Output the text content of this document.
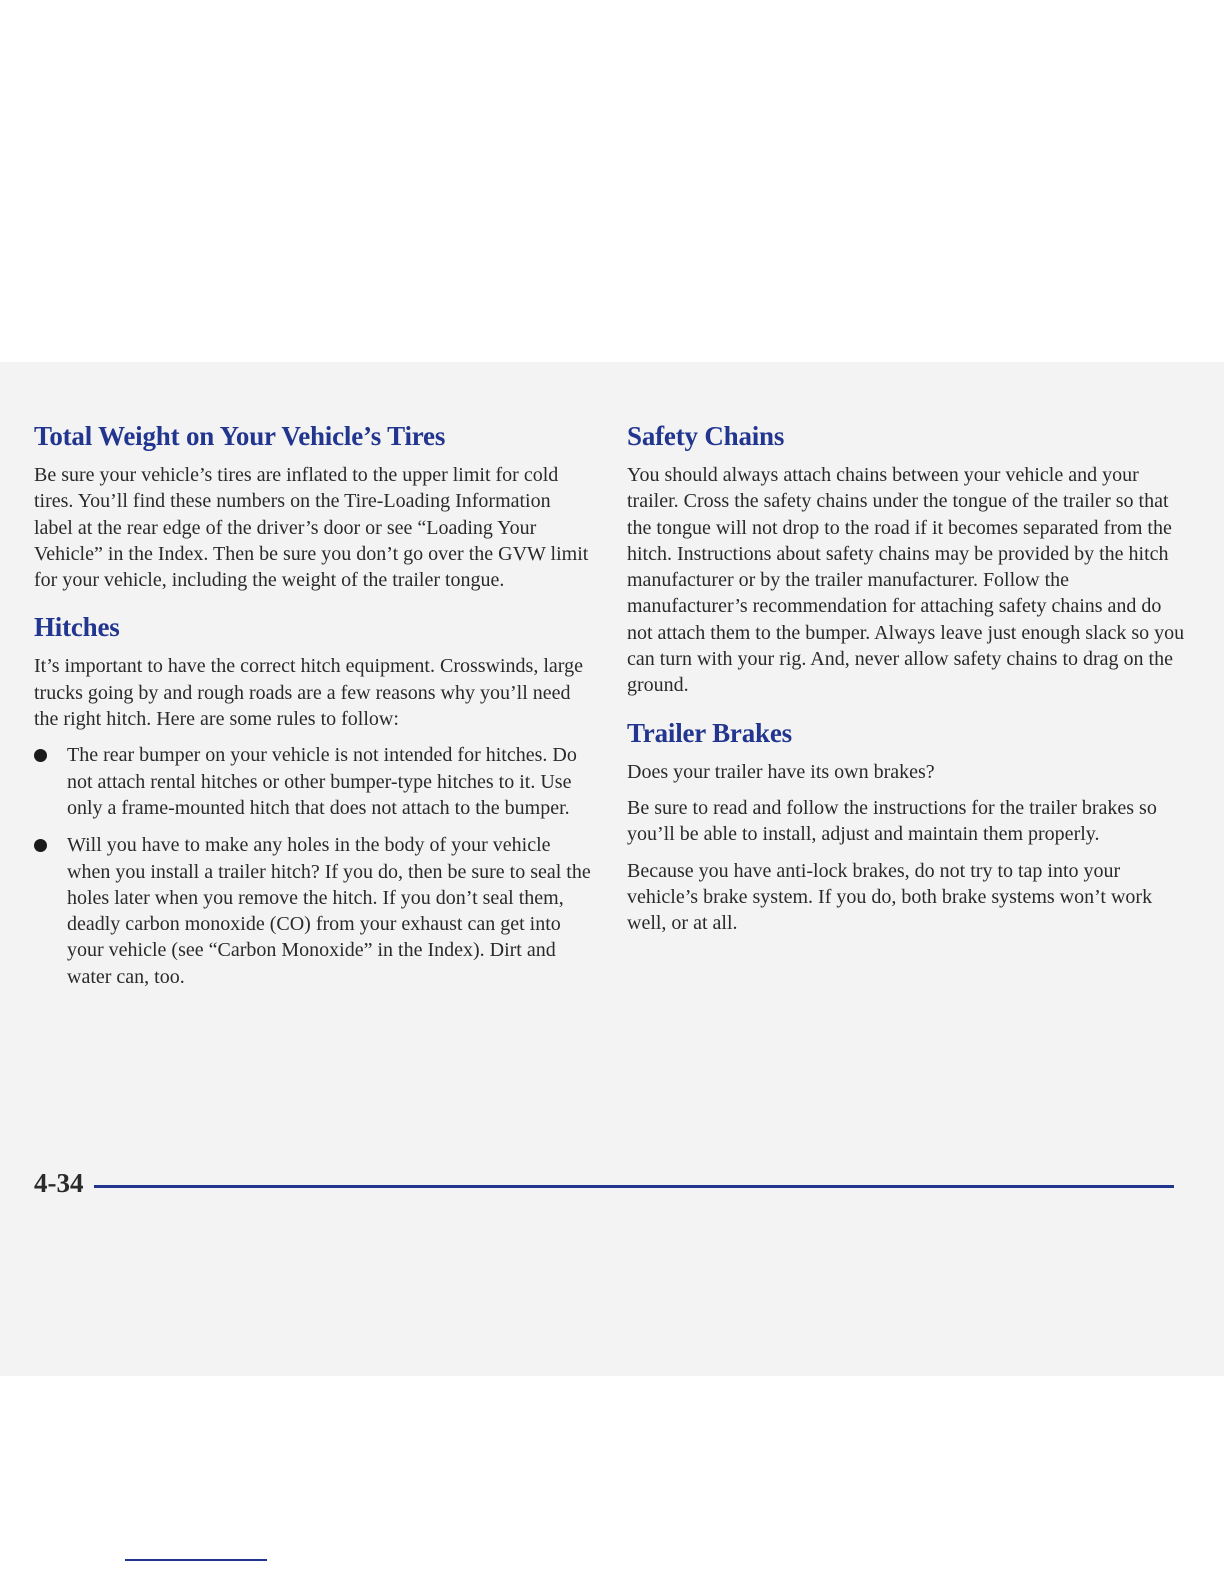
Total Weight on Your Vehicle’s Tires

Be sure your vehicle’s tires are inflated to the upper limit for cold tires. You’ll find these numbers on the Tire-Loading Information label at the rear edge of the driver’s door or see “Loading Your Vehicle” in the Index. Then be sure you don’t go over the GVW limit for your vehicle, including the weight of the trailer tongue.

Hitches

It’s important to have the correct hitch equipment. Crosswinds, large trucks going by and rough roads are a few reasons why you’ll need the right hitch. Here are some rules to follow:

The rear bumper on your vehicle is not intended for hitches. Do not attach rental hitches or other bumper-type hitches to it. Use only a frame-mounted hitch that does not attach to the bumper.
Will you have to make any holes in the body of your vehicle when you install a trailer hitch? If you do, then be sure to seal the holes later when you remove the hitch. If you don’t seal them, deadly carbon monoxide (CO) from your exhaust can get into your vehicle (see “Carbon Monoxide” in the Index). Dirt and water can, too.
Safety Chains

You should always attach chains between your vehicle and your trailer. Cross the safety chains under the tongue of the trailer so that the tongue will not drop to the road if it becomes separated from the hitch. Instructions about safety chains may be provided by the hitch manufacturer or by the trailer manufacturer. Follow the manufacturer’s recommendation for attaching safety chains and do not attach them to the bumper. Always leave just enough slack so you can turn with your rig. And, never allow safety chains to drag on the ground.

Trailer Brakes

Does your trailer have its own brakes?

Be sure to read and follow the instructions for the trailer brakes so you’ll be able to install, adjust and maintain them properly.

Because you have anti-lock brakes, do not try to tap into your vehicle’s brake system. If you do, both brake systems won’t work well, or at all.

4-34
